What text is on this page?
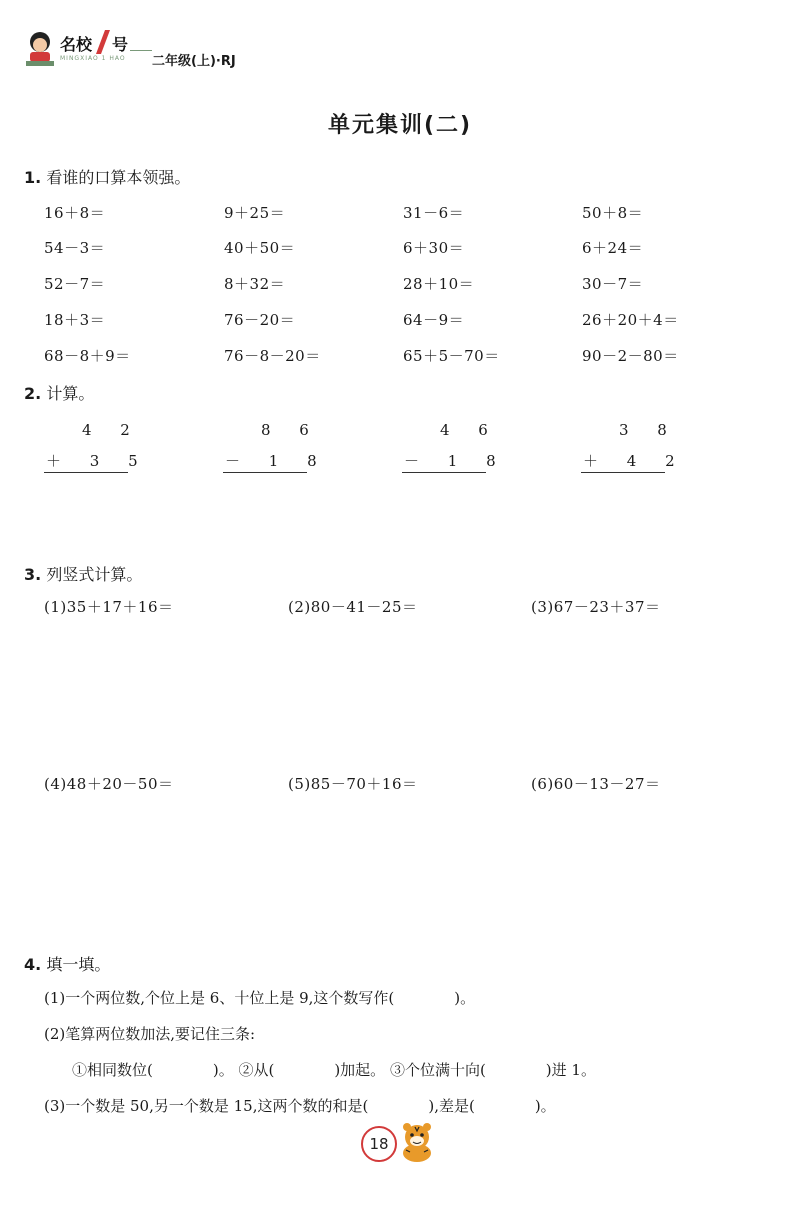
名校 号
MINGXIAO 1 HAO 二年级(上)·RJ
单元集训(二)
1. 看谁的口算本领强。
16＋8＝	9＋25＝	31－6＝	50＋8＝
54－3＝	40＋50＝	6＋30＝	6＋24＝
52－7＝	8＋32＝	28＋10＝	30－7＝
18＋3＝	76－20＝	64－9＝	26＋20＋4＝
68－8＋9＝	76－8－20＝	65＋5－70＝	90－2－80＝
2. 计算。
4 2
＋ 3 5
8 6
－ 1 8
4 6
－ 1 8
3 8
＋ 4 2
3. 列竖式计算。
(1)35＋17＋16＝	(2)80－41－25＝	(3)67－23＋37＝
(4)48＋20－50＝	(5)85－70＋16＝	(6)60－13－27＝
4. 填一填。
(1)一个两位数,个位上是 6、十位上是 9,这个数写作(　　　　)。
(2)笔算两位数加法,要记住三条:
①相同数位(　　　　)。 ②从(　　　　)加起。 ③个位满十向(　　　　)进 1。
(3)一个数是 50,另一个数是 15,这两个数的和是(　　　　),差是(　　　　)。
18
